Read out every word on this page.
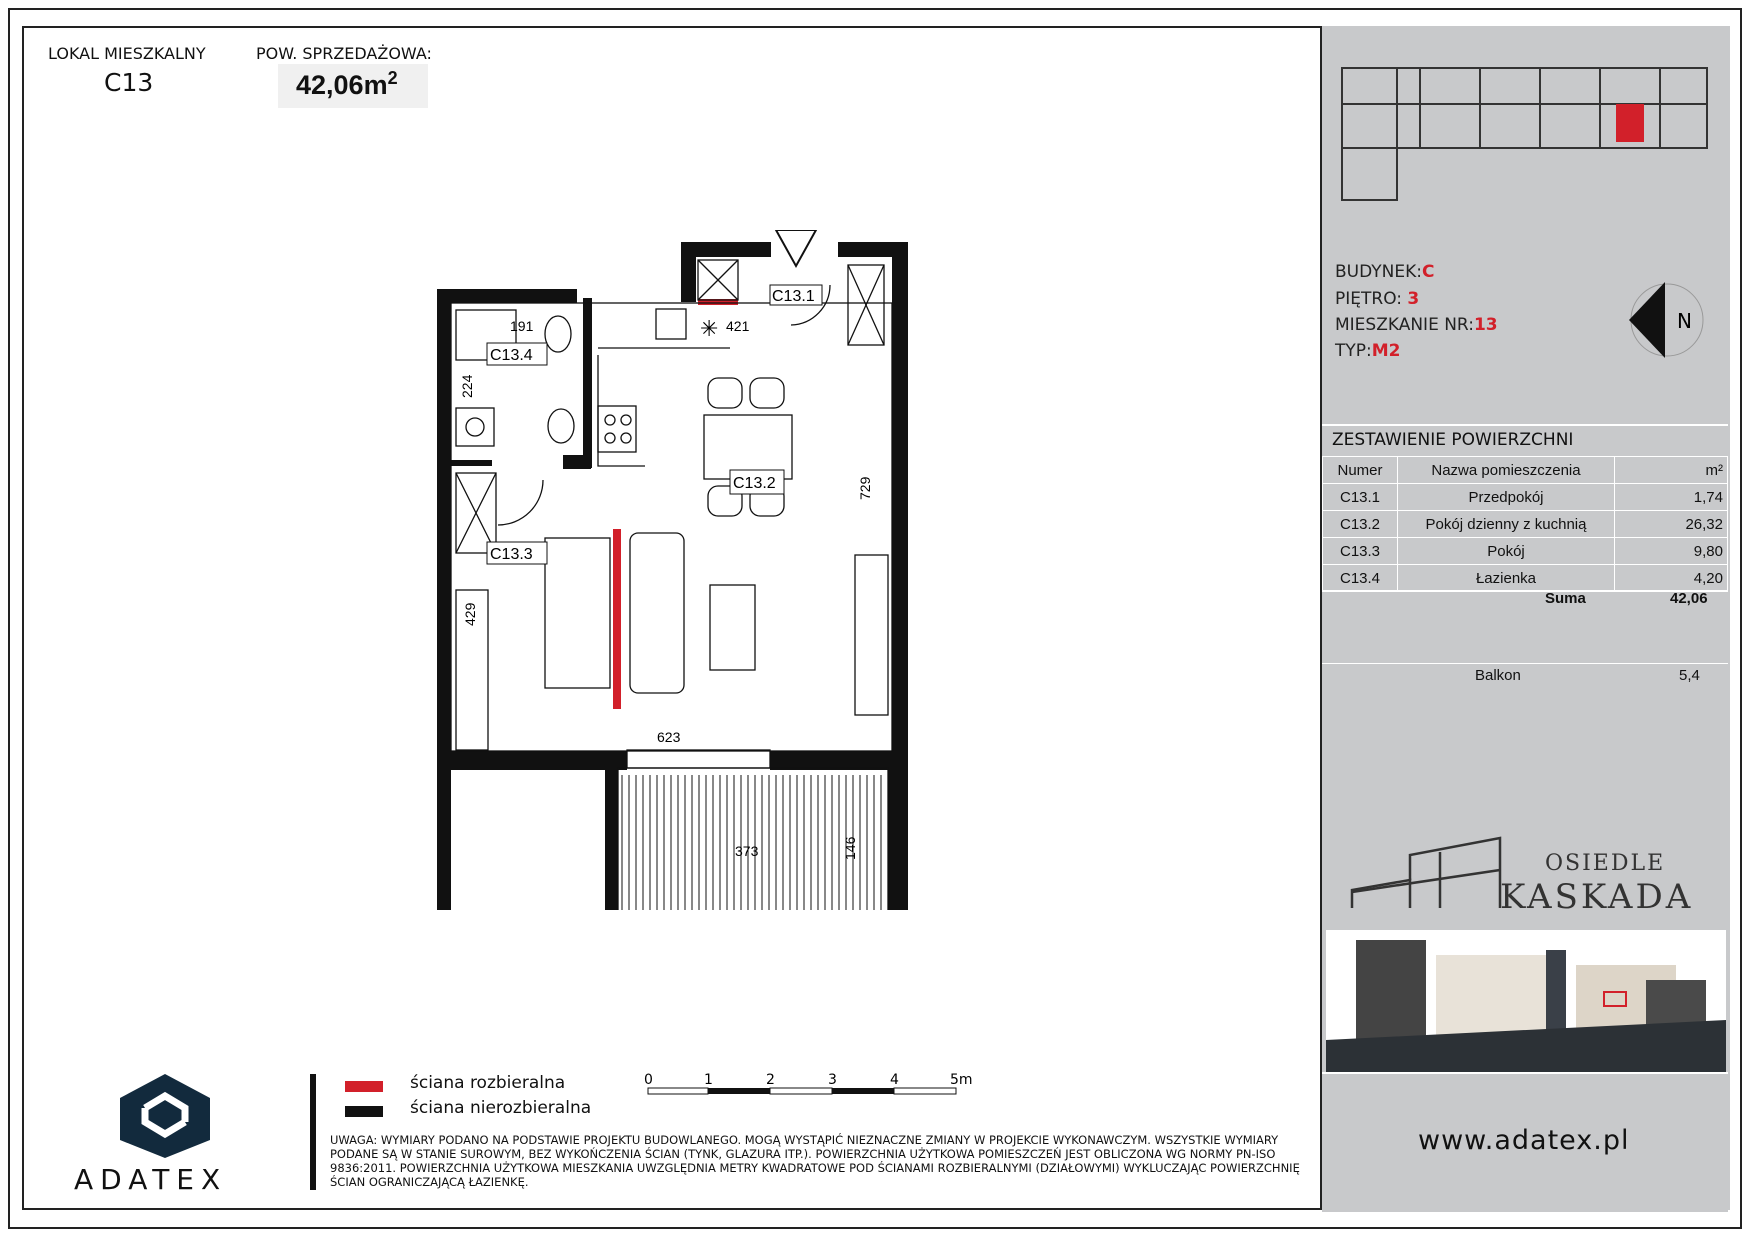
LOKAL MIESZKALNY
C13
POW. SPRZEDAŻOWA:
$42,06m^2$
C13.1
C13.2
C13.3
C13.4
191
224
421
729
429
623
373	146
✳
BUDYNEK:C
PIĘTRO: 3
MIESZKANIE NR:13
TYP:M2
N
ZESTAWIENIE POWIERZCHNI
Numer	Nazwa pomieszczenia	m²
C13.1	Przedpokój	1,74
C13.2	Pokój dzienny z kuchnią	26,32
C13.3	Pokój	9,80
C13.4	Łazienka	4,20
Suma	42,06
Balkon	5,4
OSIEDLE
KASKADA
www.adatex.pl
ADATEX
ściana rozbieralna
ściana nierozbieralna
0	1	2	3	4	5m
UWAGA: WYMIARY PODANO NA PODSTAWIE PROJEKTU BUDOWLANEGO. MOGĄ WYSTĄPIĆ NIEZNACZNE ZMIANY W PROJEKCIE WYKONAWCZYM. WSZYSTKIE WYMIARY PODANE SĄ W STANIE SUROWYM, BEZ WYKOŃCZENIA ŚCIAN (TYNK, GLAZURA ITP.). POWIERZCHNIA UŻYTKOWA POMIESZCZEŃ JEST OBLICZONA WG NORMY PN-ISO 9836:2011. POWIERZCHNIA UŻYTKOWA MIESZKANIA UWZGLĘDNIA METRY KWADRATOWE POD ŚCIANAMI ROZBIERALNYMI (DZIAŁOWYMI) WYKLUCZAJĄC POWIERZCHNIĘ ŚCIAN OGRANICZAJĄCĄ ŁAZIENKĘ.
